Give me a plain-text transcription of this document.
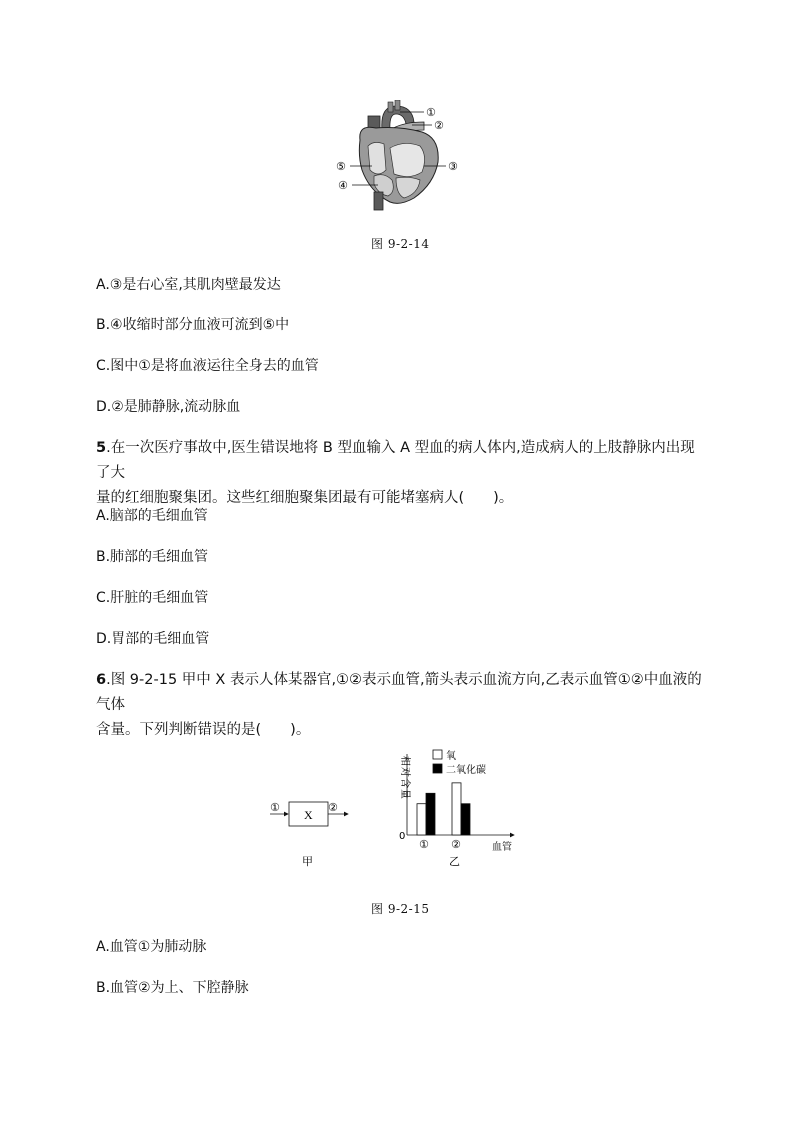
①
②
③
④
⑤
图 9-2-14
A.③是右心室,其肌肉壁最发达
B.④收缩时部分血液可流到⑤中
C.图中①是将血液运往全身去的血管
D.②是肺静脉,流动脉血
5.在一次医疗事故中,医生错误地将 B 型血输入 A 型血的病人体内,造成病人的上肢静脉内出现了大
量的红细胞聚集团。这些红细胞聚集团最有可能堵塞病人(　　)。
A.脑部的毛细血管
B.肺部的毛细血管
C.肝脏的毛细血管
D.胃部的毛细血管
6.图 9-2-15 甲中 X 表示人体某器官,①②表示血管,箭头表示血流方向,乙表示血管①②中血液的气体
含量。下列判断错误的是(　　)。
①
X
②
甲
0
相对含量
血管
氧
二氧化碳
① ②
乙
图 9-2-15
A.血管①为肺动脉
B.血管②为上、下腔静脉
